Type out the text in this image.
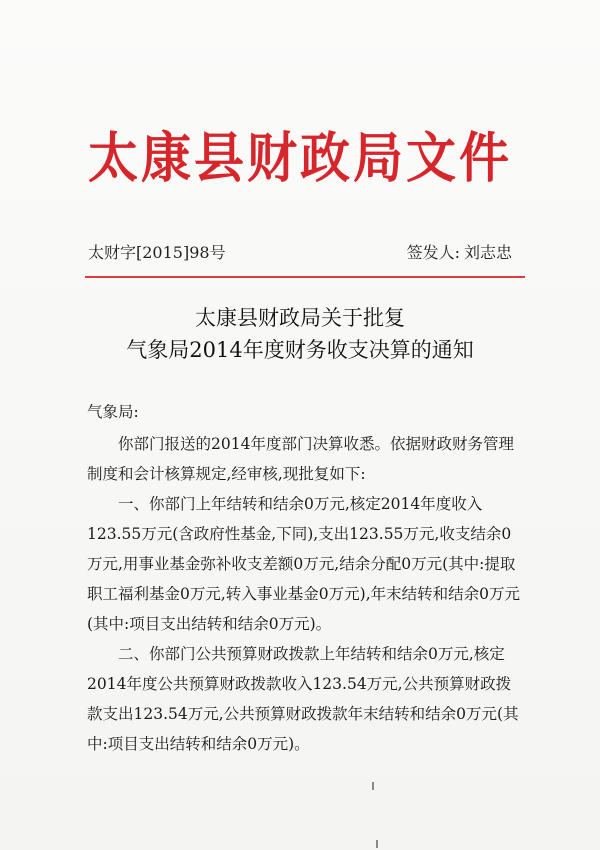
太康县财政局文件
太财字[2015]98号	签发人: 刘志忠
太康县财政局关于批复
气象局2014年度财务收支决算的通知

气象局:

你部门报送的2014年度部门决算收悉。依据财政财务管理制度和会计核算规定,经审核,现批复如下:

一、你部门上年结转和结余0万元,核定2014年度收入123.55万元(含政府性基金,下同),支出123.55万元,收支结余0万元,用事业基金弥补收支差额0万元,结余分配0万元(其中:提取职工福利基金0万元,转入事业基金0万元),年末结转和结余0万元(其中:项目支出结转和结余0万元)。

二、你部门公共预算财政拨款上年结转和结余0万元,核定2014年度公共预算财政拨款收入123.54万元,公共预算财政拨款支出123.54万元,公共预算财政拨款年末结转和结余0万元(其中:项目支出结转和结余0万元)。
